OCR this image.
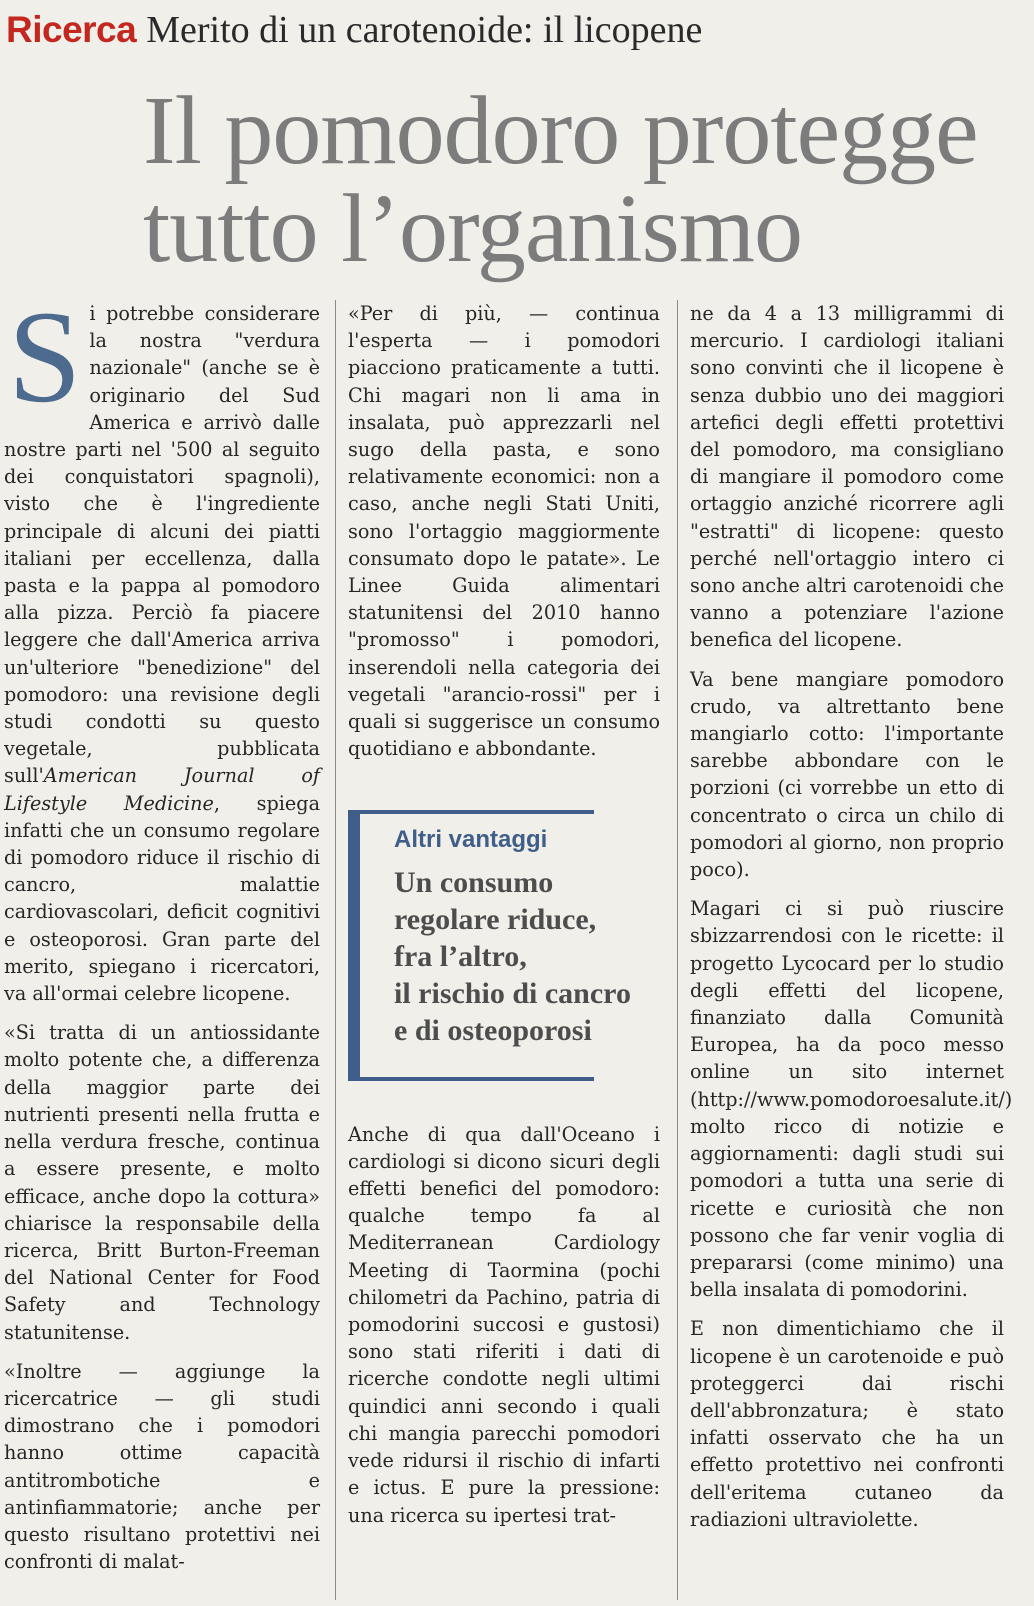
Ricerca Merito di un carotenoide: il licopene
Il pomodoro protegge
tutto l’organismo

Si potrebbe considerare la nostra "verdura nazionale" (anche se è originario del Sud America e arrivò dalle nostre parti nel '500 al seguito dei conquistatori spagnoli), visto che è l'ingrediente principale di alcuni dei piatti italiani per eccellenza, dalla pasta e la pappa al pomodoro alla pizza. Perciò fa piacere leggere che dall'America arriva un'ulteriore "benedizione" del pomodoro: una revisione degli studi condotti su questo vegetale, pubblicata sull'American Journal of Lifestyle Medicine, spiega infatti che un consumo regolare di pomodoro riduce il rischio di cancro, malattie cardiovascolari, deficit cognitivi e osteoporosi. Gran parte del merito, spiegano i ricercatori, va all'ormai celebre licopene.

«Si tratta di un antiossidante molto potente che, a differenza della maggior parte dei nutrienti presenti nella frutta e nella verdura fresche, continua a essere presente, e molto efficace, anche dopo la cottura» chiarisce la responsabile della ricerca, Britt Burton-Freeman del National Center for Food Safety and Technology statunitense.

«Inoltre — aggiunge la ricercatrice — gli studi dimostrano che i pomodori hanno ottime capacità antitrombotiche e antinfiammatorie; anche per questo risultano protettivi nei confronti di malat-

«Per di più, — continua l'esperta — i pomodori piacciono praticamente a tutti. Chi magari non li ama in insalata, può apprezzarli nel sugo della pasta, e sono relativamente economici: non a caso, anche negli Stati Uniti, sono l'ortaggio maggiormente consumato dopo le patate». Le Linee Guida alimentari statunitensi del 2010 hanno "promosso" i pomodori, inserendoli nella categoria dei vegetali "arancio-rossi" per i quali si suggerisce un consumo quotidiano e abbondante.

Altri vantaggi
Un consumo
regolare riduce,
fra l’altro,
il rischio di cancro
e di osteoporosi

Anche di qua dall'Oceano i cardiologi si dicono sicuri degli effetti benefici del pomodoro: qualche tempo fa al Mediterranean Cardiology Meeting di Taormina (pochi chilometri da Pachino, patria di pomodorini succosi e gustosi) sono stati riferiti i dati di ricerche condotte negli ultimi quindici anni secondo i quali chi mangia parecchi pomodori vede ridursi il rischio di infarti e ictus. E pure la pressione: una ricerca su ipertesi trat-

ne da 4 a 13 milligrammi di mercurio. I cardiologi italiani sono convinti che il licopene è senza dubbio uno dei maggiori artefici degli effetti protettivi del pomodoro, ma consigliano di mangiare il pomodoro come ortaggio anziché ricorrere agli "estratti" di licopene: questo perché nell'ortaggio intero ci sono anche altri carotenoidi che vanno a potenziare l'azione benefica del licopene.

Va bene mangiare pomodoro crudo, va altrettanto bene mangiarlo cotto: l'importante sarebbe abbondare con le porzioni (ci vorrebbe un etto di concentrato o circa un chilo di pomodori al giorno, non proprio poco).

Magari ci si può riuscire sbizzarrendosi con le ricette: il progetto Lycocard per lo studio degli effetti del licopene, finanziato dalla Comunità Europea, ha da poco messo online un sito internet (http://www.pomodoroesalute.it/) molto ricco di notizie e aggiornamenti: dagli studi sui pomodori a tutta una serie di ricette e curiosità che non possono che far venir voglia di prepararsi (come minimo) una bella insalata di pomodorini.

E non dimentichiamo che il licopene è un carotenoide e può proteggerci dai rischi dell'abbronzatura; è stato infatti osservato che ha un effetto protettivo nei confronti dell'eritema cutaneo da radiazioni ultraviolette.
